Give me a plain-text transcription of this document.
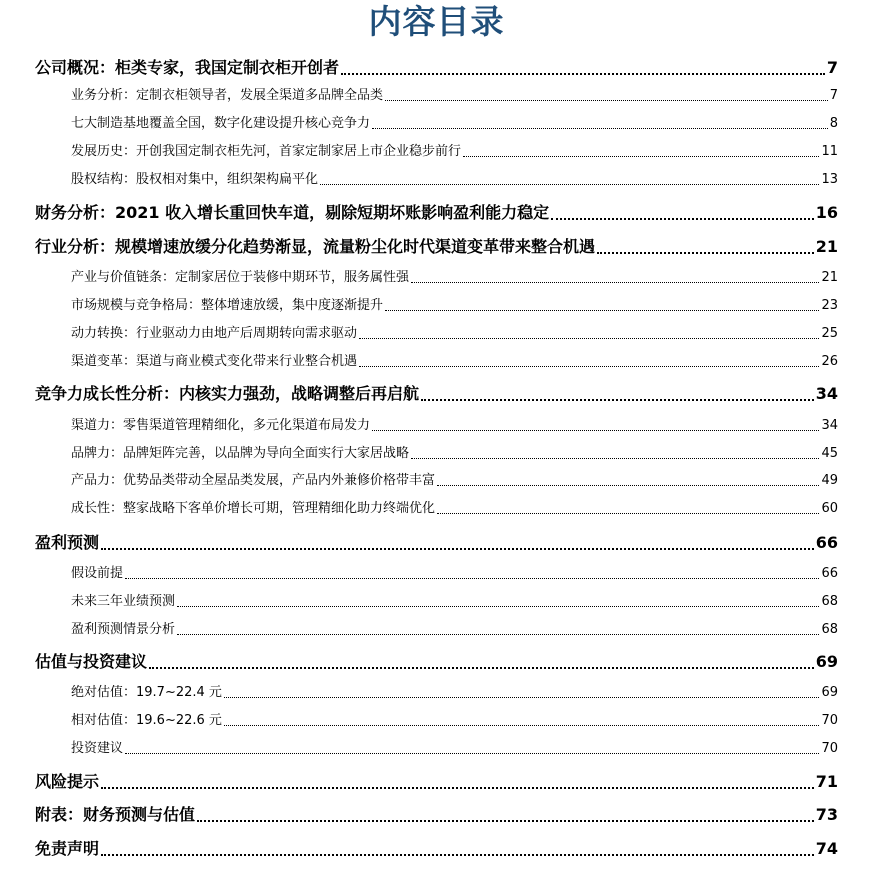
内容目录
公司概况：柜类专家，我国定制衣柜开创者	7
业务分析：定制衣柜领导者，发展全渠道多品牌全品类	7
七大制造基地覆盖全国，数字化建设提升核心竞争力	8
发展历史：开创我国定制衣柜先河，首家定制家居上市企业稳步前行	11
股权结构：股权相对集中，组织架构扁平化	13
财务分析：2021 收入增长重回快车道，剔除短期坏账影响盈利能力稳定	16
行业分析：规模增速放缓分化趋势渐显，流量粉尘化时代渠道变革带来整合机遇	21
产业与价值链条：定制家居位于装修中期环节，服务属性强	21
市场规模与竞争格局：整体增速放缓，集中度逐渐提升	23
动力转换：行业驱动力由地产后周期转向需求驱动	25
渠道变革：渠道与商业模式变化带来行业整合机遇	26
竞争力成长性分析：内核实力强劲，战略调整后再启航	34
渠道力：零售渠道管理精细化，多元化渠道布局发力	34
品牌力：品牌矩阵完善，以品牌为导向全面实行大家居战略	45
产品力：优势品类带动全屋品类发展，产品内外兼修价格带丰富	49
成长性：整家战略下客单价增长可期，管理精细化助力终端优化	60
盈利预测	66
假设前提	66
未来三年业绩预测	68
盈利预测情景分析	68
估值与投资建议	69
绝对估值：19.7~22.4 元	69
相对估值：19.6~22.6 元	70
投资建议	70
风险提示	71
附表：财务预测与估值	73
免责声明	74
